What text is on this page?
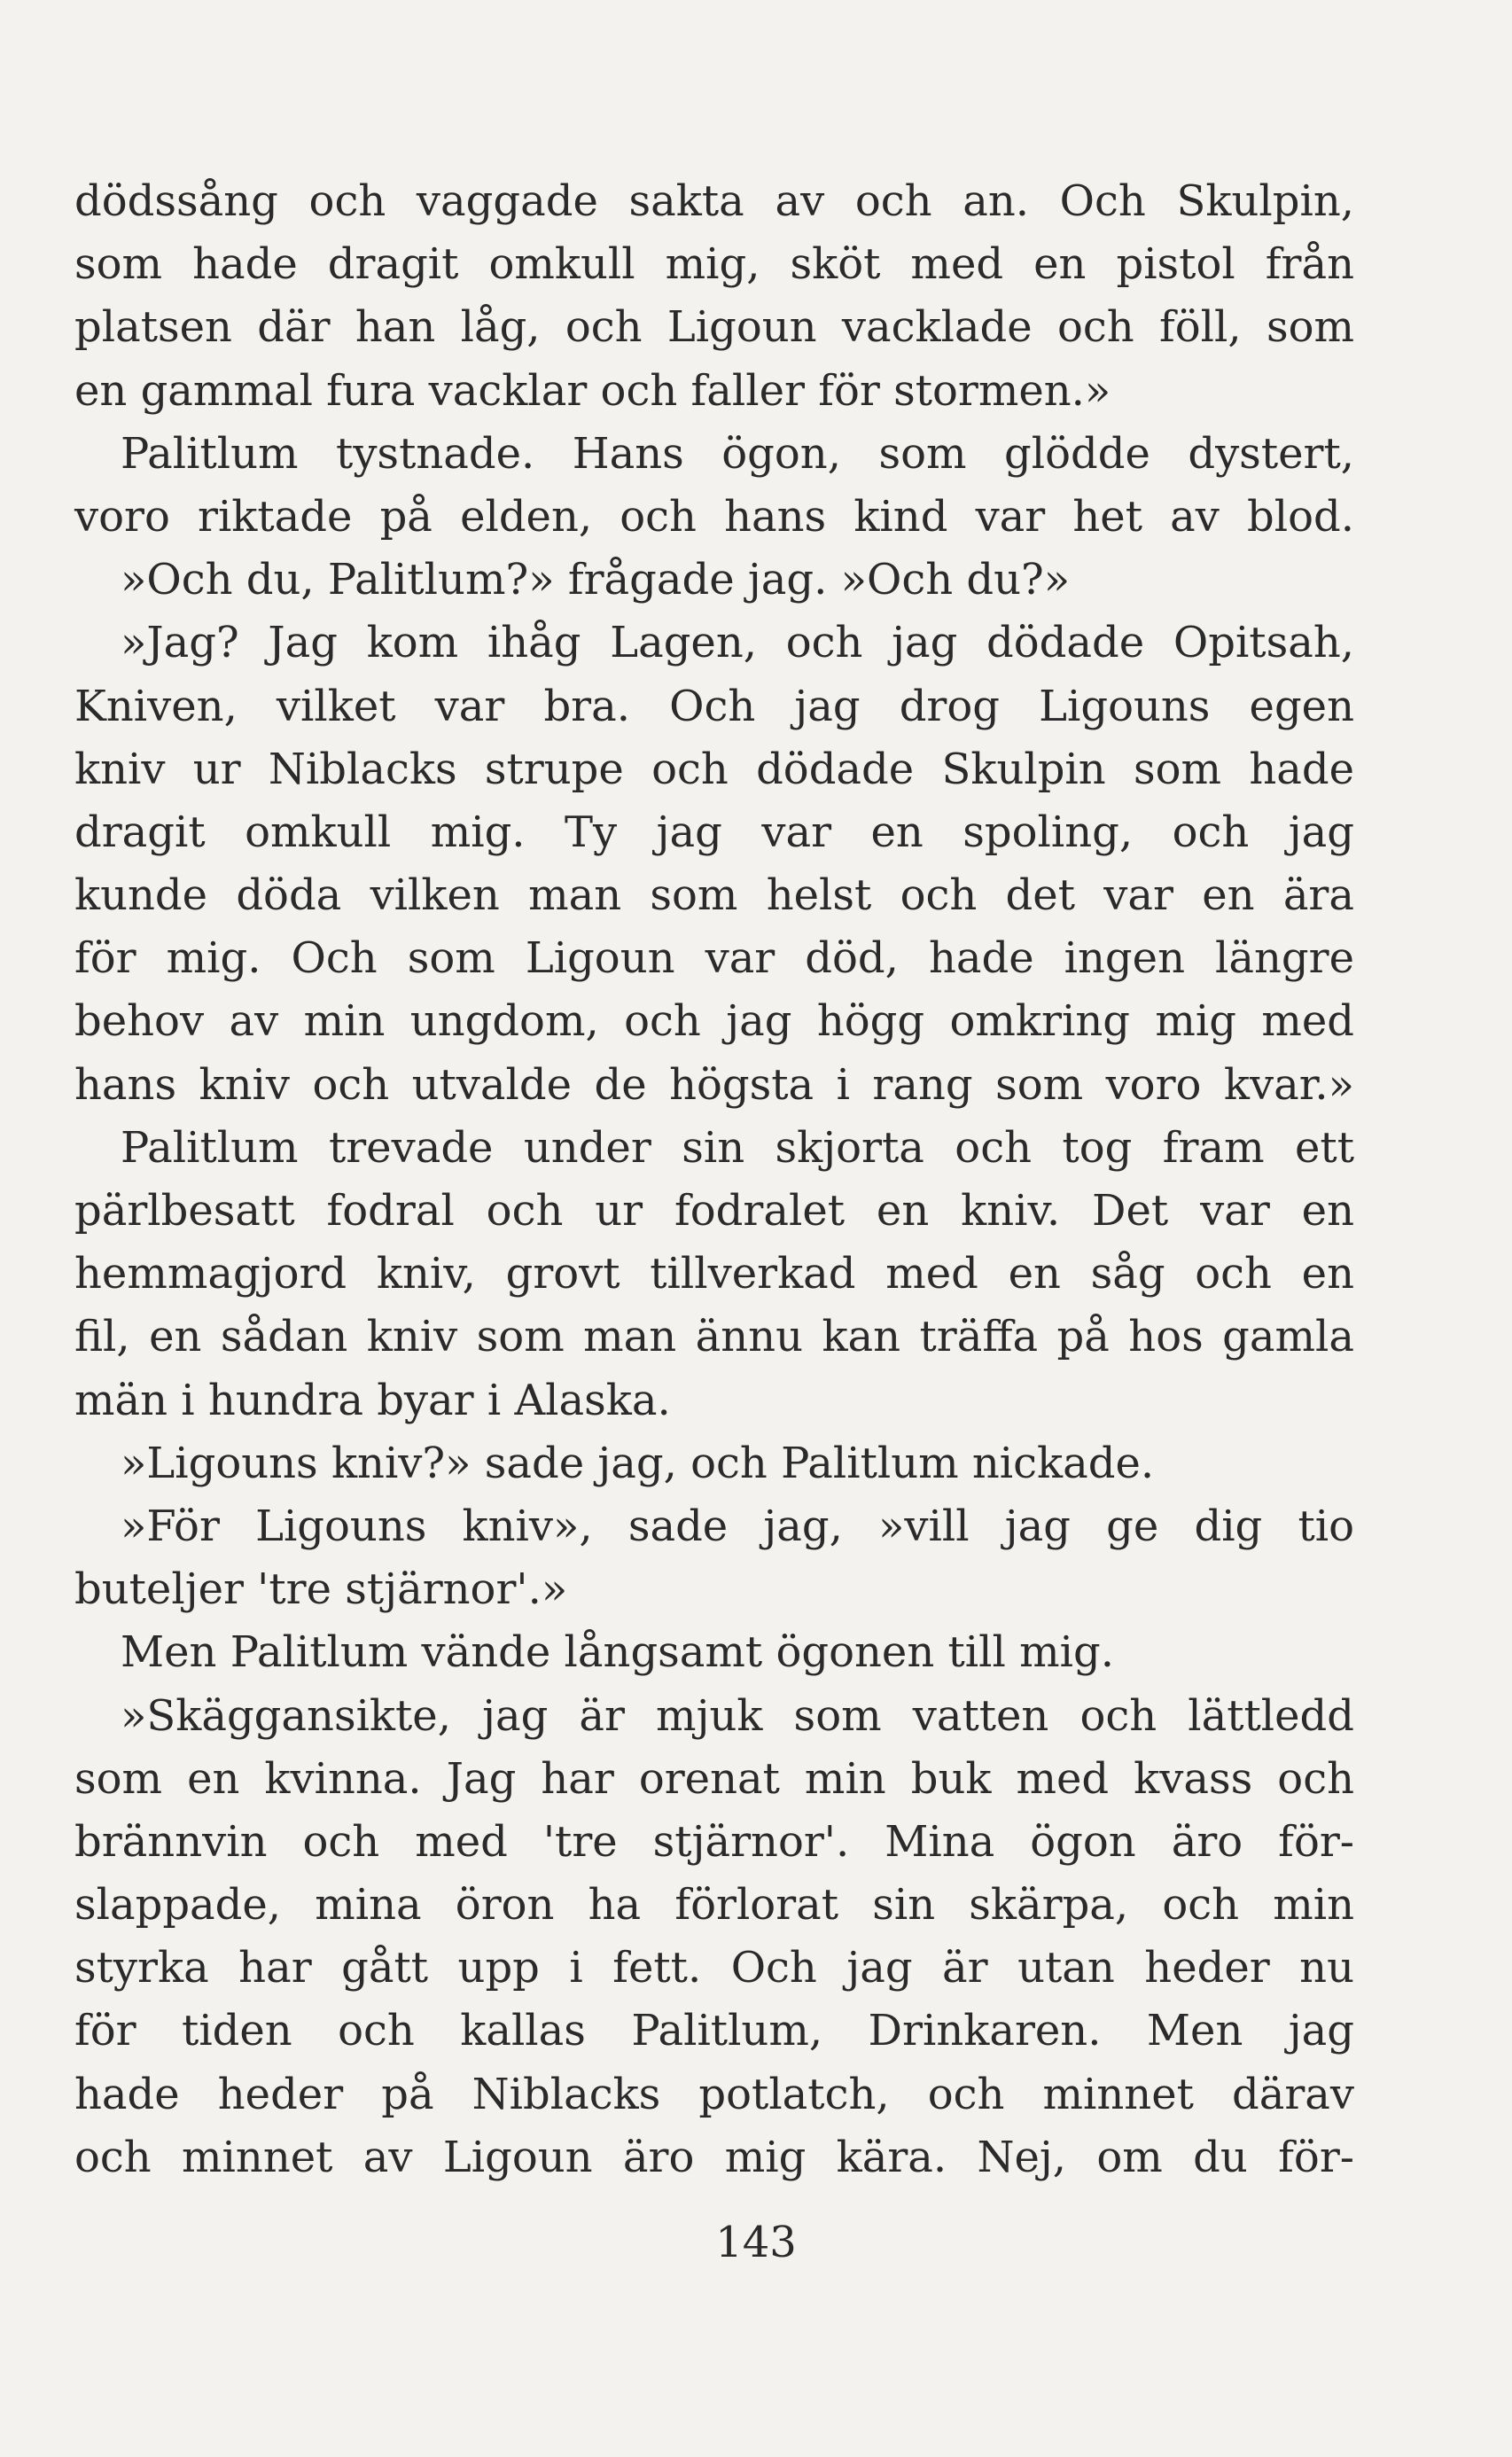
dödssång och vaggade sakta av och an. Och Skulpin,
som hade dragit omkull mig, sköt med en pistol från
platsen där han låg, och Ligoun vacklade och föll, som
en gammal fura vacklar och faller för stormen.»
Palitlum tystnade. Hans ögon, som glödde dystert,
voro riktade på elden, och hans kind var het av blod.
»Och du, Palitlum?» frågade jag. »Och du?»
»Jag? Jag kom ihåg Lagen, och jag dödade Opitsah,
Kniven, vilket var bra. Och jag drog Ligouns egen
kniv ur Niblacks strupe och dödade Skulpin som hade
dragit omkull mig. Ty jag var en spoling, och jag
kunde döda vilken man som helst och det var en ära
för mig. Och som Ligoun var död, hade ingen längre
behov av min ungdom, och jag högg omkring mig med
hans kniv och utvalde de högsta i rang som voro kvar.»
Palitlum trevade under sin skjorta och tog fram ett
pärlbesatt fodral och ur fodralet en kniv. Det var en
hemmagjord kniv, grovt tillverkad med en såg och en
fil, en sådan kniv som man ännu kan träffa på hos gamla
män i hundra byar i Alaska.
»Ligouns kniv?» sade jag, och Palitlum nickade.
»För Ligouns kniv», sade jag, »vill jag ge dig tio
buteljer 'tre stjärnor'.»
Men Palitlum vände långsamt ögonen till mig.
»Skäggansikte, jag är mjuk som vatten och lättledd
som en kvinna. Jag har orenat min buk med kvass och
brännvin och med 'tre stjärnor'. Mina ögon äro för-
slappade, mina öron ha förlorat sin skärpa, och min
styrka har gått upp i fett. Och jag är utan heder nu
för tiden och kallas Palitlum, Drinkaren. Men jag
hade heder på Niblacks potlatch, och minnet därav
och minnet av Ligoun äro mig kära. Nej, om du för-
143
